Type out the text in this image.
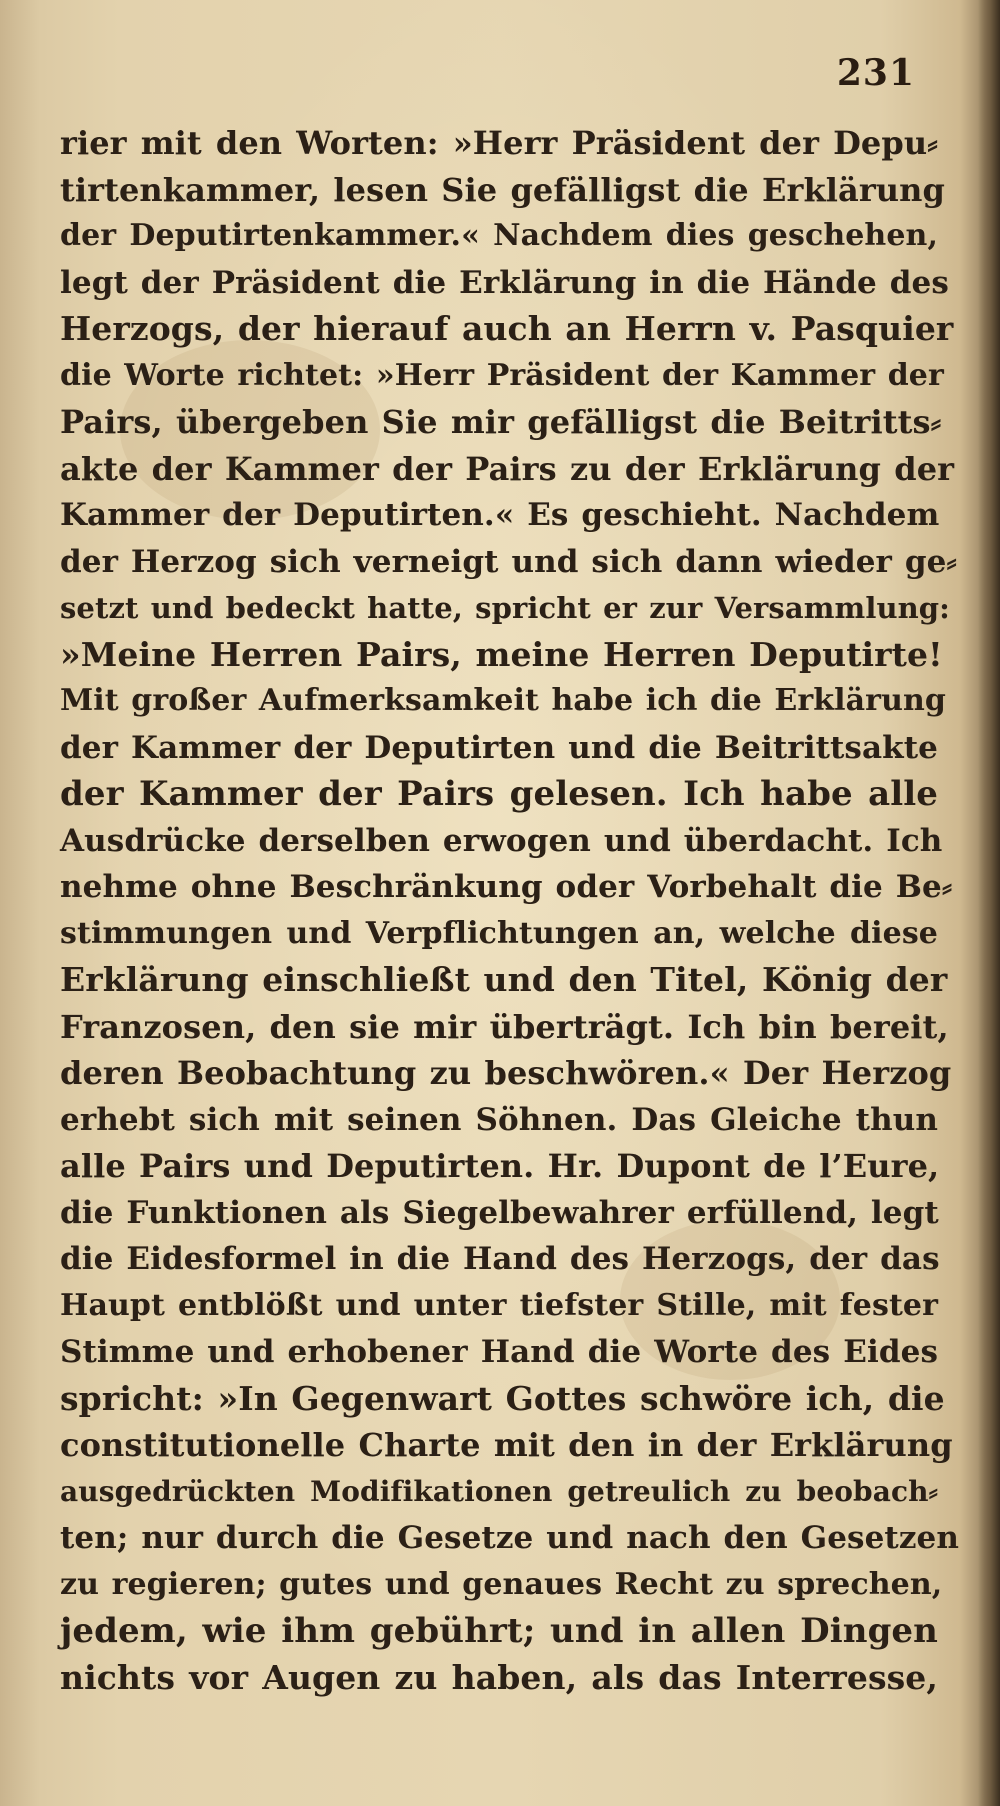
231
rier mit den Worten: »Herr Präsident der Depu⸗
tirtenkammer, lesen Sie gefälligst die Erklärung
der Deputirtenkammer.« Nachdem dies geschehen,
legt der Präsident die Erklärung in die Hände des
Herzogs, der hierauf auch an Herrn v. Pasquier
die Worte richtet: »Herr Präsident der Kammer der
Pairs, übergeben Sie mir gefälligst die Beitritts⸗
akte der Kammer der Pairs zu der Erklärung der
Kammer der Deputirten.« Es geschieht. Nachdem
der Herzog sich verneigt und sich dann wieder ge⸗
setzt und bedeckt hatte, spricht er zur Versammlung:
»Meine Herren Pairs, meine Herren Deputirte!
Mit großer Aufmerksamkeit habe ich die Erklärung
der Kammer der Deputirten und die Beitrittsakte
der Kammer der Pairs gelesen. Ich habe alle
Ausdrücke derselben erwogen und überdacht. Ich
nehme ohne Beschränkung oder Vorbehalt die Be⸗
stimmungen und Verpflichtungen an, welche diese
Erklärung einschließt und den Titel, König der
Franzosen, den sie mir überträgt. Ich bin bereit,
deren Beobachtung zu beschwören.« Der Herzog
erhebt sich mit seinen Söhnen. Das Gleiche thun
alle Pairs und Deputirten. Hr. Dupont de l’Eure,
die Funktionen als Siegelbewahrer erfüllend, legt
die Eidesformel in die Hand des Herzogs, der das
Haupt entblößt und unter tiefster Stille, mit fester
Stimme und erhobener Hand die Worte des Eides
spricht: »In Gegenwart Gottes schwöre ich, die
constitutionelle Charte mit den in der Erklärung
ausgedrückten Modifikationen getreulich zu beobach⸗
ten; nur durch die Gesetze und nach den Gesetzen
zu regieren; gutes und genaues Recht zu sprechen,
jedem, wie ihm gebührt; und in allen Dingen
nichts vor Augen zu haben, als das Interresse,
